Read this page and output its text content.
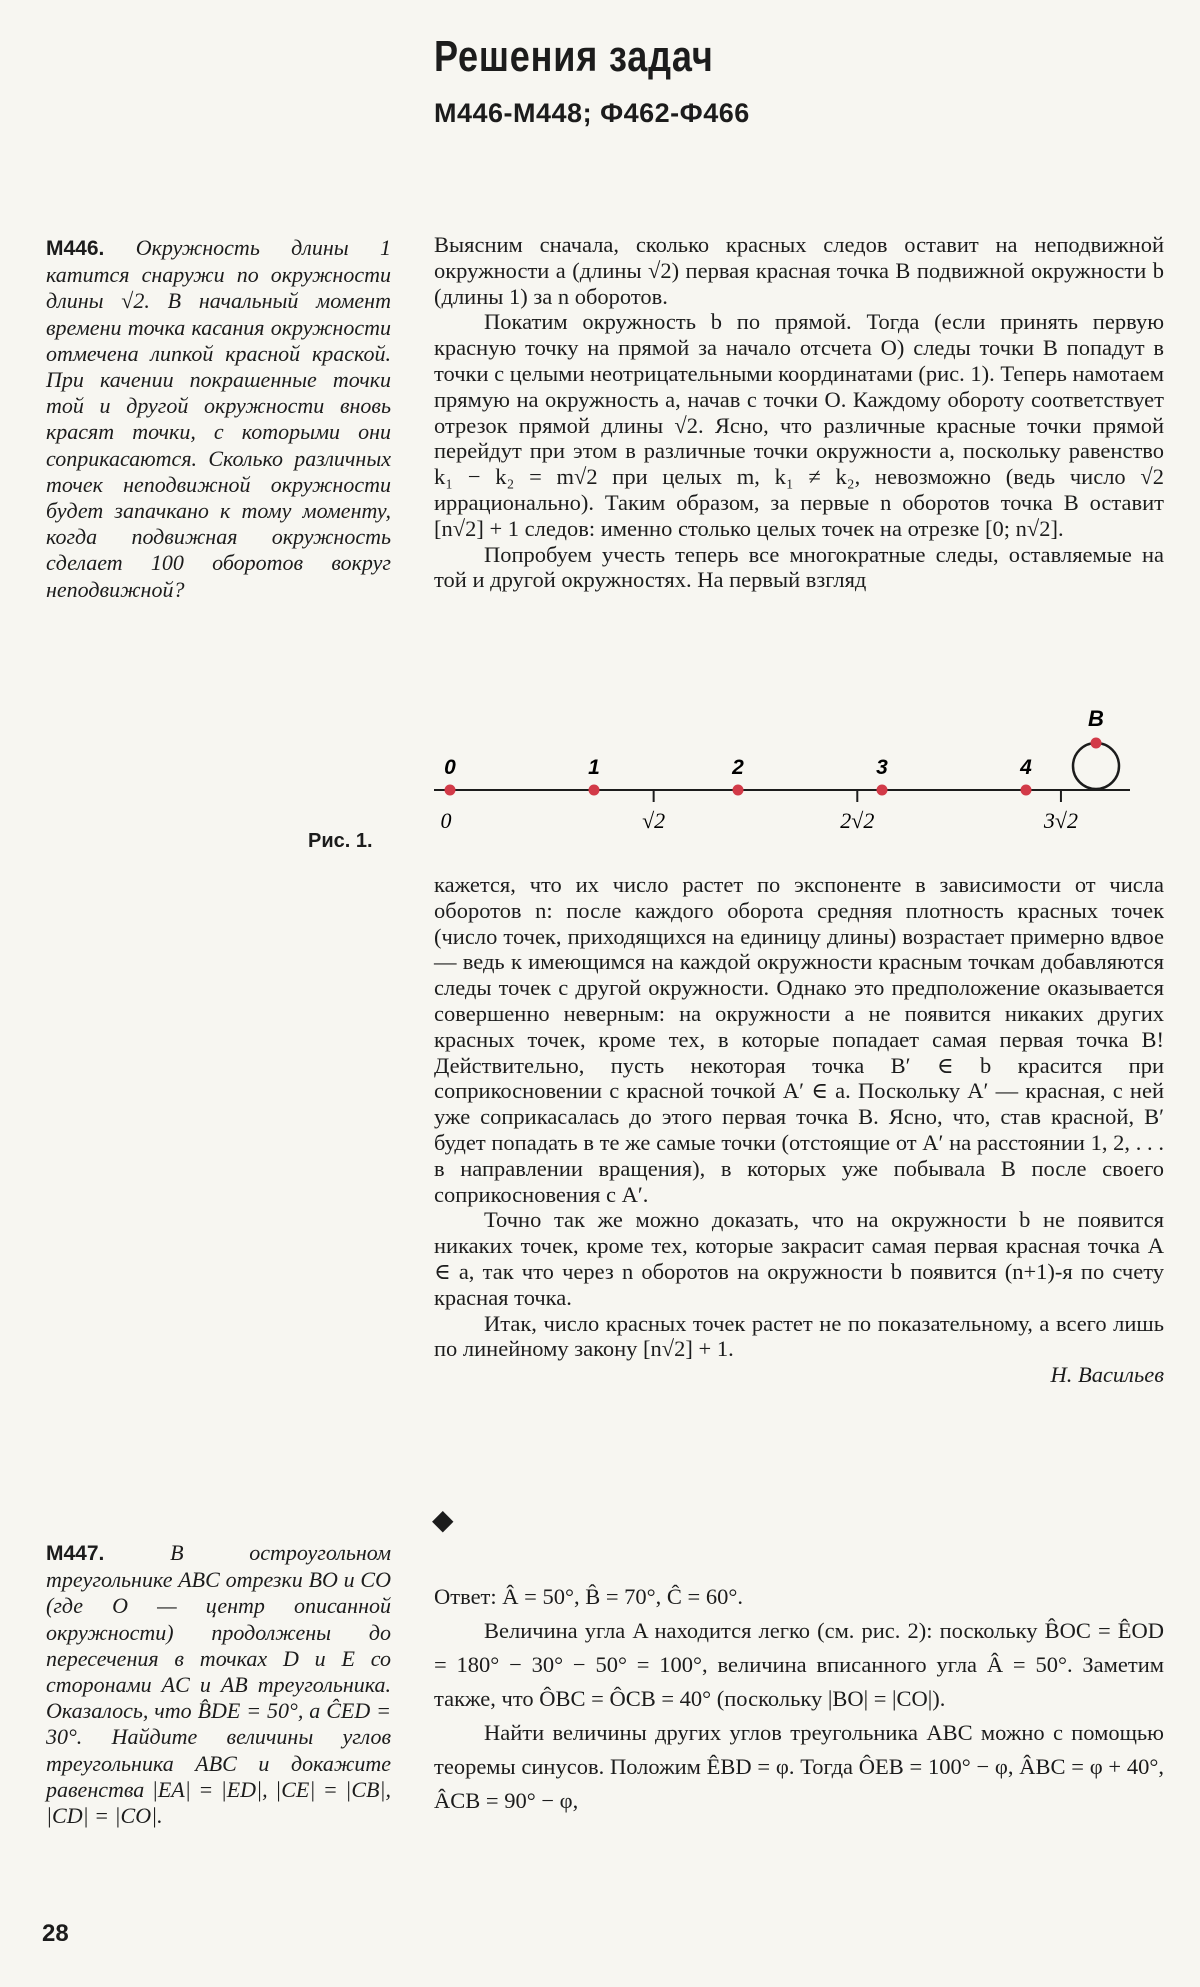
Решения задач
М446-М448; Ф462-Ф466
М446. Окружность длины 1 катится снаружи по окружности длины √2. В начальный момент времени точка касания окружности отмечена липкой красной краской. При качении покрашенные точки той и другой окружности вновь красят точки, с которыми они соприкасаются. Сколько различных точек неподвижной окружности будет запачкано к тому моменту, когда подвижная окружность сделает 100 оборотов вокруг неподвижной?

Выясним сначала, сколько красных следов оставит на неподвижной окружности a (длины √2) первая красная точка B подвижной окружности b (длины 1) за n оборотов.

Покатим окружность b по прямой. Тогда (если принять первую красную точку на прямой за начало отсчета O) следы точки B попадут в точки с целыми неотрицательными координатами (рис. 1). Теперь намотаем прямую на окружность a, начав с точки O. Каждому обороту соответствует отрезок прямой длины √2. Ясно, что различные красные точки прямой перейдут при этом в различные точки окружности a, поскольку равенство k₁ − k₂ = m√2 при целых m, k₁ ≠ k₂, невозможно (ведь число √2 иррационально). Таким образом, за первые n оборотов точка B оставит [n√2] + 1 следов: именно столько целых точек на отрезке [0; n√2].

Попробуем учесть теперь все многократные следы, оставляемые на той и другой окружностях. На первый взгляд

Рис. 1.
0	1	2	3	4
0	√2	2√2	3√2
B

кажется, что их число растет по экспоненте в зависимости от числа оборотов n: после каждого оборота средняя плотность красных точек (число точек, приходящихся на единицу длины) возрастает примерно вдвое — ведь к имеющимся на каждой окружности красным точкам добавляются следы точек с другой окружности. Однако это предположение оказывается совершенно неверным: на окружности a не появится никаких других красных точек, кроме тех, в которые попадает самая первая точка B! Действительно, пусть некоторая точка B′ ∈ b красится при соприкосновении с красной точкой A′ ∈ a. Поскольку A′ — красная, с ней уже соприкасалась до этого первая точка B. Ясно, что, став красной, B′ будет попадать в те же самые точки (отстоящие от A′ на расстоянии 1, 2, . . . в направлении вращения), в которых уже побывала B после своего соприкосновения с A′.

Точно так же можно доказать, что на окружности b не появится никаких точек, кроме тех, которые закрасит самая первая красная точка A ∈ a, так что через n оборотов на окружности b появится (n+1)-я по счету красная точка.

Итак, число красных точек растет не по показательному, а всего лишь по линейному закону [n√2] + 1.

Н. Васильев

◆
М447.	В остроугольном треугольнике ABC отрезки BO и CO (где O — центр описанной окружности) продолжены до пересечения в точках D и E со сторонами AC и AB треугольника. Оказалось, что B̂DE = 50°, a ĈED = 30°. Найдите величины углов треугольника ABC и докажите равенства |EA| = |ED|, |CE| = |CB|, |CD| = |CO|.

Ответ: Â = 50°, B̂ = 70°, Ĉ = 60°.

Величина угла A находится легко (см. рис. 2): поскольку B̂OC = ÊOD = 180° − 30° − 50° = 100°, величина вписанного угла Â = 50°. Заметим также, что ÔBC = ÔCB = 40° (поскольку |BO| = |CO|).

Найти величины других углов треугольника ABC можно с помощью теоремы синусов. Положим ÊBD = φ. Тогда ÔEB = 100° − φ, ÂBC = φ + 40°, ÂCB = 90° − φ,

28
